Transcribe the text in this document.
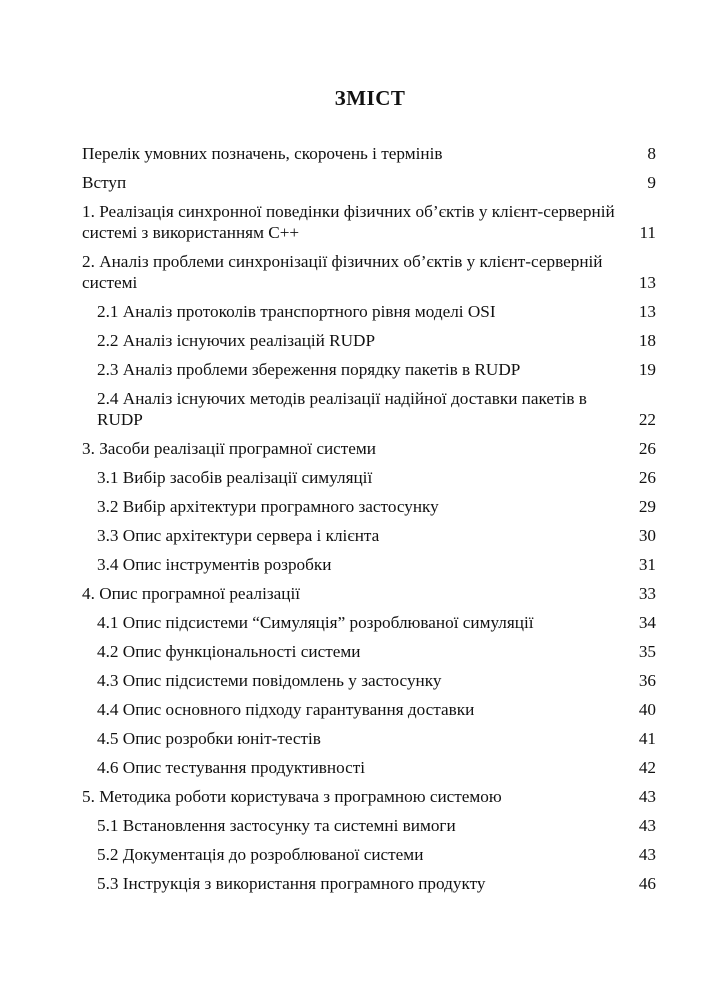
ЗМІСТ
Перелік умовних позначень, скорочень і термінів	8
Вступ	9
1. Реалізація синхронної поведінки фізичних об’єктів у клієнт-серверній системі з використанням C++	11
2. Аналіз проблеми синхронізації фізичних об’єктів у клієнт-серверній системі	13
2.1 Аналіз протоколів транспортного рівня моделі OSI	13
2.2 Аналіз існуючих реалізацій RUDP	18
2.3 Аналіз проблеми збереження порядку пакетів в RUDP	19
2.4 Аналіз існуючих методів реалізації надійної доставки пакетів в RUDP	22
3. Засоби реалізації програмної системи	26
3.1 Вибір засобів реалізації симуляції	26
3.2 Вибір архітектури програмного застосунку	29
3.3 Опис архітектури сервера і клієнта	30
3.4 Опис інструментів розробки	31
4. Опис програмної реалізації	33
4.1 Опис підсистеми “Симуляція” розроблюваної симуляції	34
4.2 Опис функціональності системи	35
4.3 Опис підсистеми повідомлень у застосунку	36
4.4 Опис основного підходу гарантування доставки	40
4.5 Опис розробки юніт-тестів	41
4.6 Опис тестування продуктивності	42
5. Методика роботи користувача з програмною системою	43
5.1 Встановлення застосунку та системні вимоги	43
5.2 Документація до розроблюваної системи	43
5.3 Інструкція з використання програмного продукту	46
